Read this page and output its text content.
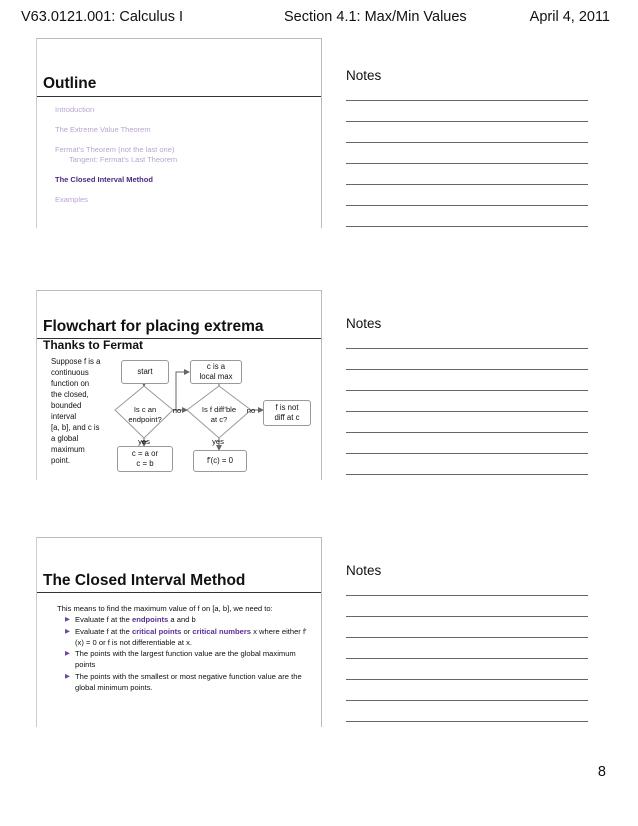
V63.0121.001: Calculus I	Section 4.1: Max/Min Values	April 4, 2011
Outline
Introduction
The Extreme Value Theorem
Fermat’s Theorem (not the last one)
Tangent: Fermat’s Last Theorem
The Closed Interval Method
Examples
Flowchart for placing extrema
Thanks to Fermat
Suppose f is a
continuous
function on
the closed,
bounded
interval
[a, b], and c is
a global
maximum
point.
start
c is a
local max
Is c an
endpoint?
Is f diff’ble
at c?
f is not
diff at c
c = a or
c = b	f′(c) = 0
no	no
yes	yes
The Closed Interval Method
This means to find the maximum value of f on [a, b], we need to:
▶ Evaluate f at the endpoints a and b
▶ Evaluate f at the critical points or critical numbers x where either f′(x) = 0 or f is not differentiable at x.
▶ The points with the largest function value are the global maximum points
▶ The points with the smallest or most negative function value are the global minimum points.
Notes
Notes
Notes
8
